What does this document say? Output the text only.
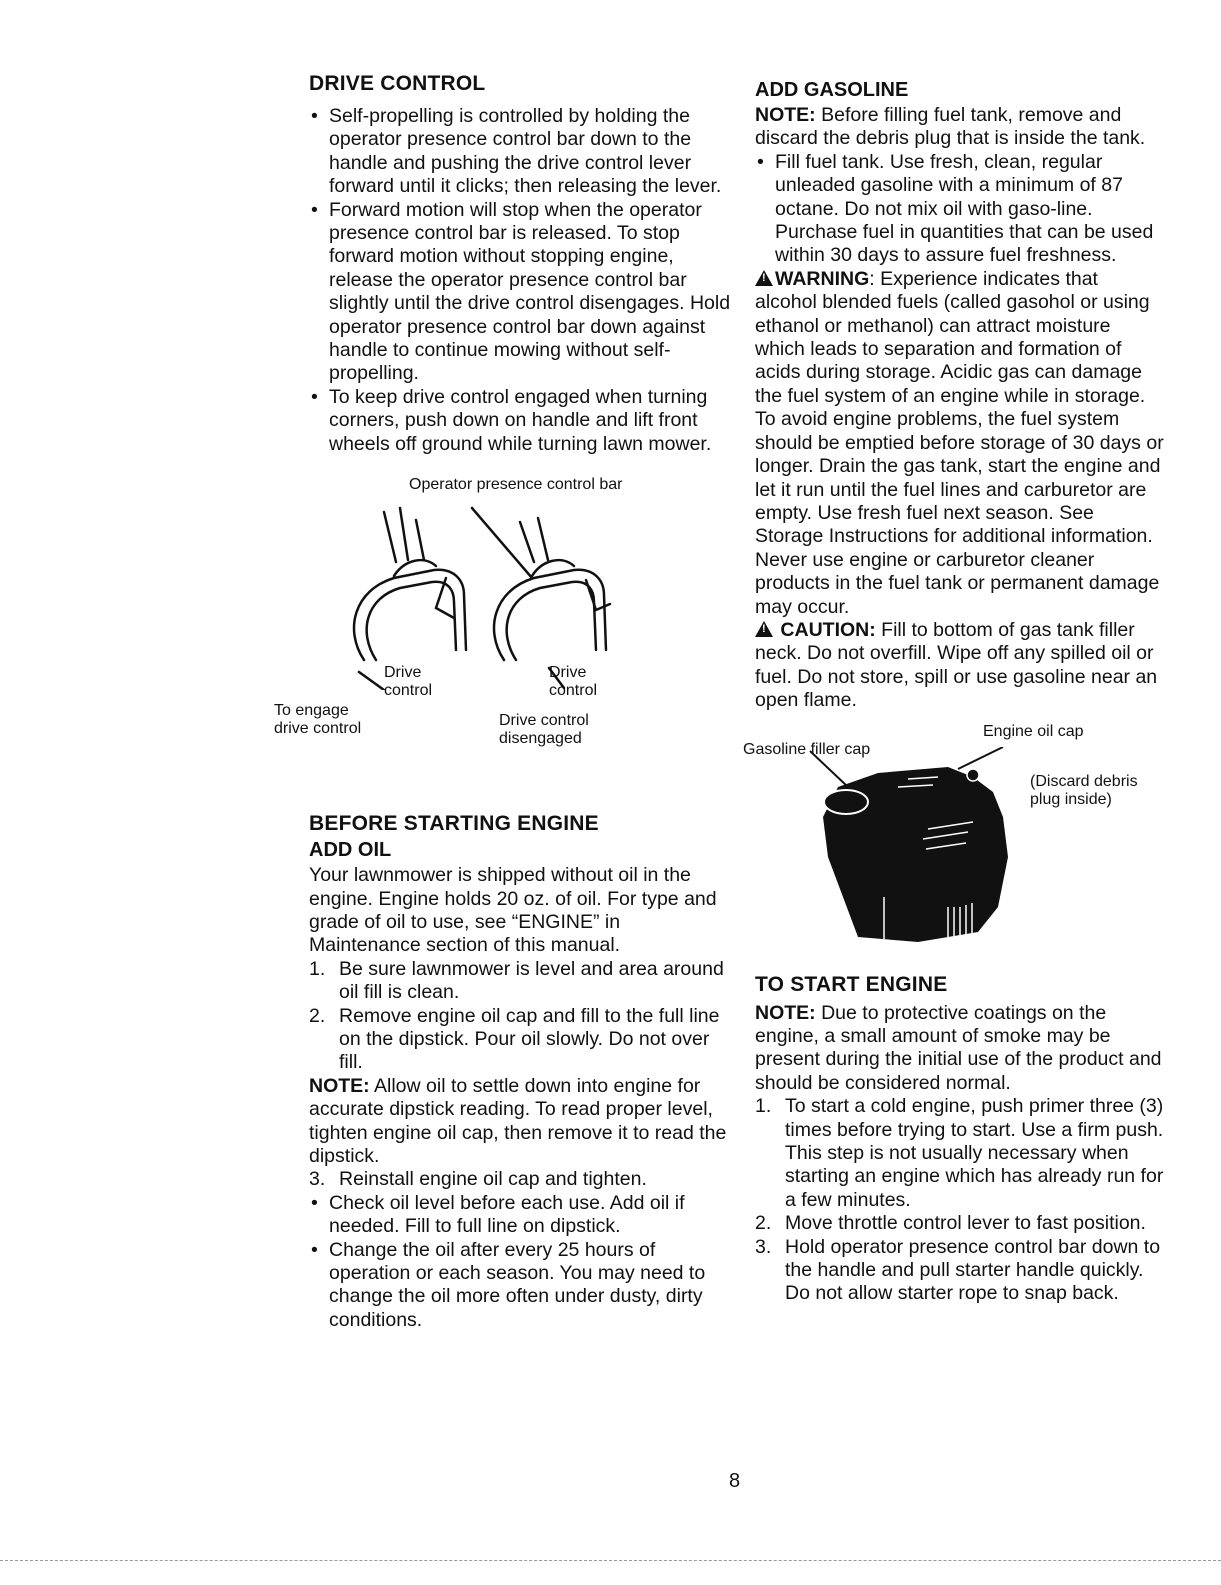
DRIVE CONTROL

• Self-propelling is controlled by holding the operator presence control bar down to the handle and pushing the drive control lever forward until it clicks; then releasing the lever.
• Forward motion will stop when the operator presence control bar is released. To stop forward motion without stopping engine, release the operator presence control bar slightly until the drive control disengages. Hold operator presence control bar down against handle to continue mowing without self-propelling.
• To keep drive control engaged when turning corners, push down on handle and lift front wheels off ground while turning lawn mower.
Operator presence control bar
Drive control
Drive control
To engage drive control	Drive control disengaged

BEFORE STARTING ENGINE

ADD OIL

Your lawnmower is shipped without oil in the engine. Engine holds 20 oz. of oil. For type and grade of oil to use, see “ENGINE” in Maintenance section of this manual.

1. Be sure lawnmower is level and area around oil fill is clean.
2. Remove engine oil cap and fill to the full line on the dipstick. Pour oil slowly. Do not over fill.

NOTE: Allow oil to settle down into engine for accurate dipstick reading. To read proper level, tighten engine oil cap, then remove it to read the dipstick.

3. Reinstall engine oil cap and tighten.
• Check oil level before each use. Add oil if needed. Fill to full line on dipstick.
• Change the oil after every 25 hours of operation or each season. You may need to change the oil more often under dusty, dirty conditions.

ADD GASOLINE

NOTE: Before filling fuel tank, remove and discard the debris plug that is inside the tank.

• Fill fuel tank. Use fresh, clean, regular unleaded gasoline with a minimum of 87 octane. Do not mix oil with gaso-line. Purchase fuel in quantities that can be used within 30 days to assure fuel freshness.

!WARNING: Experience indicates that alcohol blended fuels (called gasohol or using ethanol or methanol) can attract moisture which leads to separation and formation of acids during storage. Acidic gas can damage the fuel system of an engine while in storage. To avoid engine problems, the fuel system should be emptied before storage of 30 days or longer. Drain the gas tank, start the engine and let it run until the fuel lines and carburetor are empty. Use fresh fuel next season. See Storage Instructions for additional information. Never use engine or carburetor cleaner products in the fuel tank or permanent damage may occur.

! CAUTION: Fill to bottom of gas tank filler neck. Do not overfill. Wipe off any spilled oil or fuel. Do not store, spill or use gasoline near an open flame.

Gasoline filler cap
Engine oil cap
(Discard debris plug inside)

TO START ENGINE

NOTE: Due to protective coatings on the engine, a small amount of smoke may be present during the initial use of the product and should be considered normal.

1. To start a cold engine, push primer three (3) times before trying to start. Use a firm push. This step is not usually necessary when starting an engine which has already run for a few minutes.
2. Move throttle control lever to fast position.
3. Hold operator presence control bar down to the handle and pull starter handle quickly. Do not allow starter rope to snap back.
8
